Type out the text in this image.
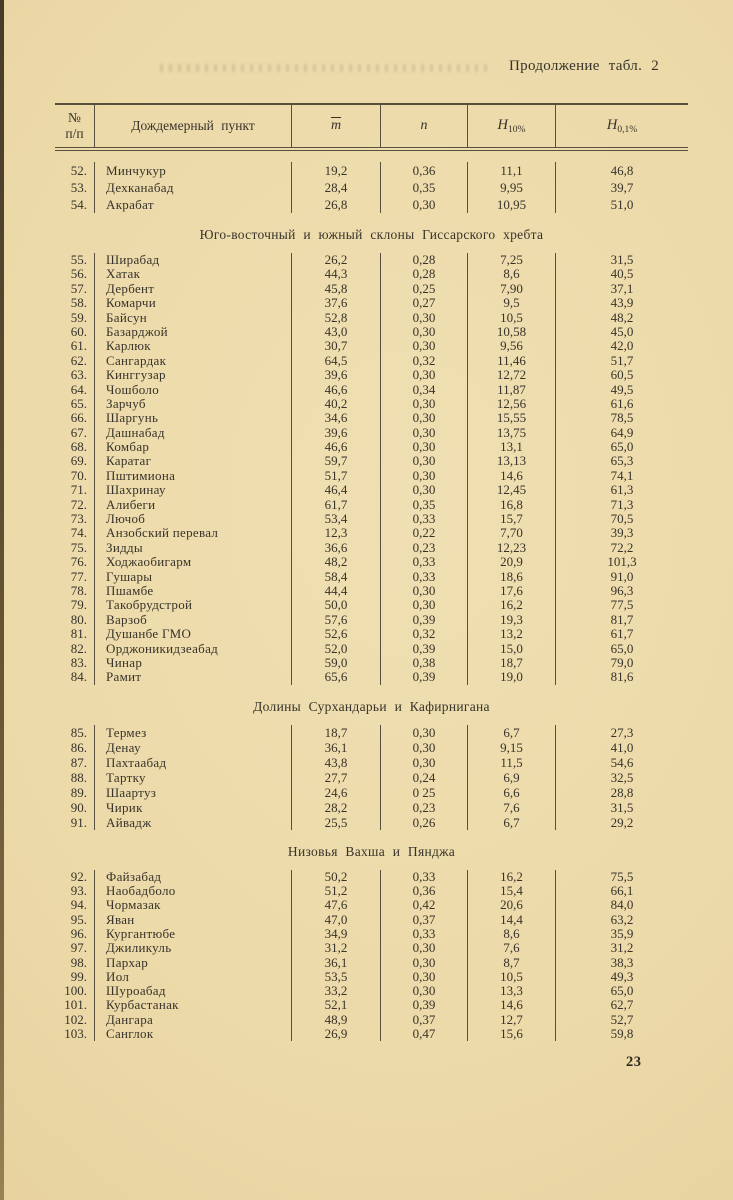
Продолжение табл. 2
№
п/п
Дождемерный пункт	$\overline{m}$	n	$H_{10\%}$	$H_{0,1\%}$
52.	Минчукур	19,2	0,36	11,1	46,8
53.	Дехканабад	28,4	0,35	9,95	39,7
54.	Акрабат	26,8	0,30	10,95	51,0
Юго-восточный и южный склоны Гиссарского хребта
55.	Ширабад	26,2	0,28	7,25	31,5
56.	Хатак	44,3	0,28	8,6	40,5
57.	Дербент	45,8	0,25	7,90	37,1
58.	Комарчи	37,6	0,27	9,5	43,9
59.	Байсун	52,8	0,30	10,5	48,2
60.	Базарджой	43,0	0,30	10,58	45,0
61.	Карлюк	30,7	0,30	9,56	42,0
62.	Сангардак	64,5	0,32	11,46	51,7
63.	Кинггузар	39,6	0,30	12,72	60,5
64.	Чошболо	46,6	0,34	11,87	49,5
65.	Зарчуб	40,2	0,30	12,56	61,6
66.	Шаргунь	34,6	0,30	15,55	78,5
67.	Дашнабад	39,6	0,30	13,75	64,9
68.	Комбар	46,6	0,30	13,1	65,0
69.	Каратаг	59,7	0,30	13,13	65,3
70.	Пштимиона	51,7	0,30	14,6	74,1
71.	Шахринау	46,4	0,30	12,45	61,3
72.	Алибеги	61,7	0,35	16,8	71,3
73.	Лючоб	53,4	0,33	15,7	70,5
74.	Анзобский перевал	12,3	0,22	7,70	39,3
75.	Зидды	36,6	0,23	12,23	72,2
76.	Ходжаобигарм	48,2	0,33	20,9	101,3
77.	Гушары	58,4	0,33	18,6	91,0
78.	Пшамбе	44,4	0,30	17,6	96,3
79.	Такобрудстрой	50,0	0,30	16,2	77,5
80.	Варзоб	57,6	0,39	19,3	81,7
81.	Душанбе ГМО	52,6	0,32	13,2	61,7
82.	Орджоникидзеабад	52,0	0,39	15,0	65,0
83.	Чинар	59,0	0,38	18,7	79,0
84.	Рамит	65,6	0,39	19,0	81,6
Долины Сурхандарьи и Кафирнигана
85.	Термез	18,7	0,30	6,7	27,3
86.	Денау	36,1	0,30	9,15	41,0
87.	Пахтаабад	43,8	0,30	11,5	54,6
88.	Тартку	27,7	0,24	6,9	32,5
89.	Шаартуз	24,6	0 25	6,6	28,8
90.	Чирик	28,2	0,23	7,6	31,5
91.	Айвадж	25,5	0,26	6,7	29,2
Низовья Вахша и Пянджа
92.	Файзабад	50,2	0,33	16,2	75,5
93.	Наобадболо	51,2	0,36	15,4	66,1
94.	Чормазак	47,6	0,42	20,6	84,0
95.	Яван	47,0	0,37	14,4	63,2
96.	Кургантюбе	34,9	0,33	8,6	35,9
97.	Джиликуль	31,2	0,30	7,6	31,2
98.	Пархар	36,1	0,30	8,7	38,3
99.	Иол	53,5	0,30	10,5	49,3
100.	Шуроабад	33,2	0,30	13,3	65,0
101.	Курбастанак	52,1	0,39	14,6	62,7
102.	Дангара	48,9	0,37	12,7	52,7
103.	Санглок	26,9	0,47	15,6	59,8
23
